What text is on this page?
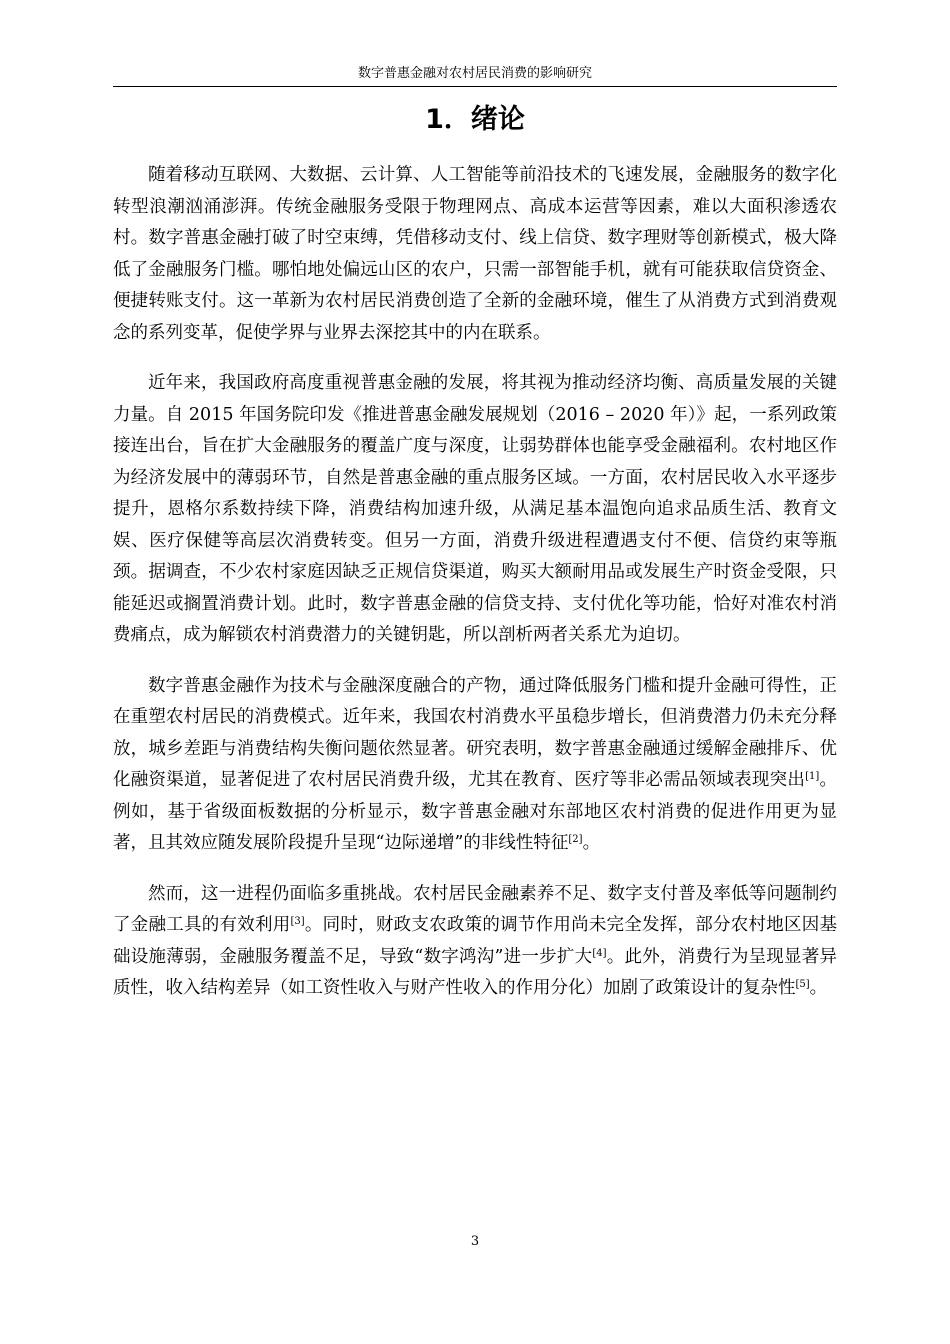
数字普惠金融对农村居民消费的影响研究
1．绪论

随着移动互联网、大数据、云计算、人工智能等前沿技术的飞速发展，金融服务的数字化转型浪潮汹涌澎湃。传统金融服务受限于物理网点、高成本运营等因素，难以大面积渗透农村。数字普惠金融打破了时空束缚，凭借移动支付、线上信贷、数字理财等创新模式，极大降低了金融服务门槛。哪怕地处偏远山区的农户，只需一部智能手机，就有可能获取信贷资金、便捷转账支付。这一革新为农村居民消费创造了全新的金融环境，催生了从消费方式到消费观念的系列变革，促使学界与业界去深挖其中的内在联系。

近年来，我国政府高度重视普惠金融的发展，将其视为推动经济均衡、高质量发展的关键力量。自 2015 年国务院印发《推进普惠金融发展规划（2016 – 2020 年）》起，一系列政策接连出台，旨在扩大金融服务的覆盖广度与深度，让弱势群体也能享受金融福利。农村地区作为经济发展中的薄弱环节，自然是普惠金融的重点服务区域。一方面，农村居民收入水平逐步提升，恩格尔系数持续下降，消费结构加速升级，从满足基本温饱向追求品质生活、教育文娱、医疗保健等高层次消费转变。但另一方面，消费升级进程遭遇支付不便、信贷约束等瓶颈。据调查，不少农村家庭因缺乏正规信贷渠道，购买大额耐用品或发展生产时资金受限，只能延迟或搁置消费计划。此时，数字普惠金融的信贷支持、支付优化等功能，恰好对准农村消费痛点，成为解锁农村消费潜力的关键钥匙，所以剖析两者关系尤为迫切。

数字普惠金融作为技术与金融深度融合的产物，通过降低服务门槛和提升金融可得性，正在重塑农村居民的消费模式。近年来，我国农村消费水平虽稳步增长，但消费潜力仍未充分释放，城乡差距与消费结构失衡问题依然显著。研究表明，数字普惠金融通过缓解金融排斥、优化融资渠道，显著促进了农村居民消费升级，尤其在教育、医疗等非必需品领域表现突出[1]。例如，基于省级面板数据的分析显示，数字普惠金融对东部地区农村消费的促进作用更为显著，且其效应随发展阶段提升呈现“边际递增”的非线性特征[2]。

然而，这一进程仍面临多重挑战。农村居民金融素养不足、数字支付普及率低等问题制约了金融工具的有效利用[3]。同时，财政支农政策的调节作用尚未完全发挥，部分农村地区因基础设施薄弱，金融服务覆盖不足，导致“数字鸿沟”进一步扩大[4]。此外，消费行为呈现显著异质性，收入结构差异（如工资性收入与财产性收入的作用分化）加剧了政策设计的复杂性[5]。

3
